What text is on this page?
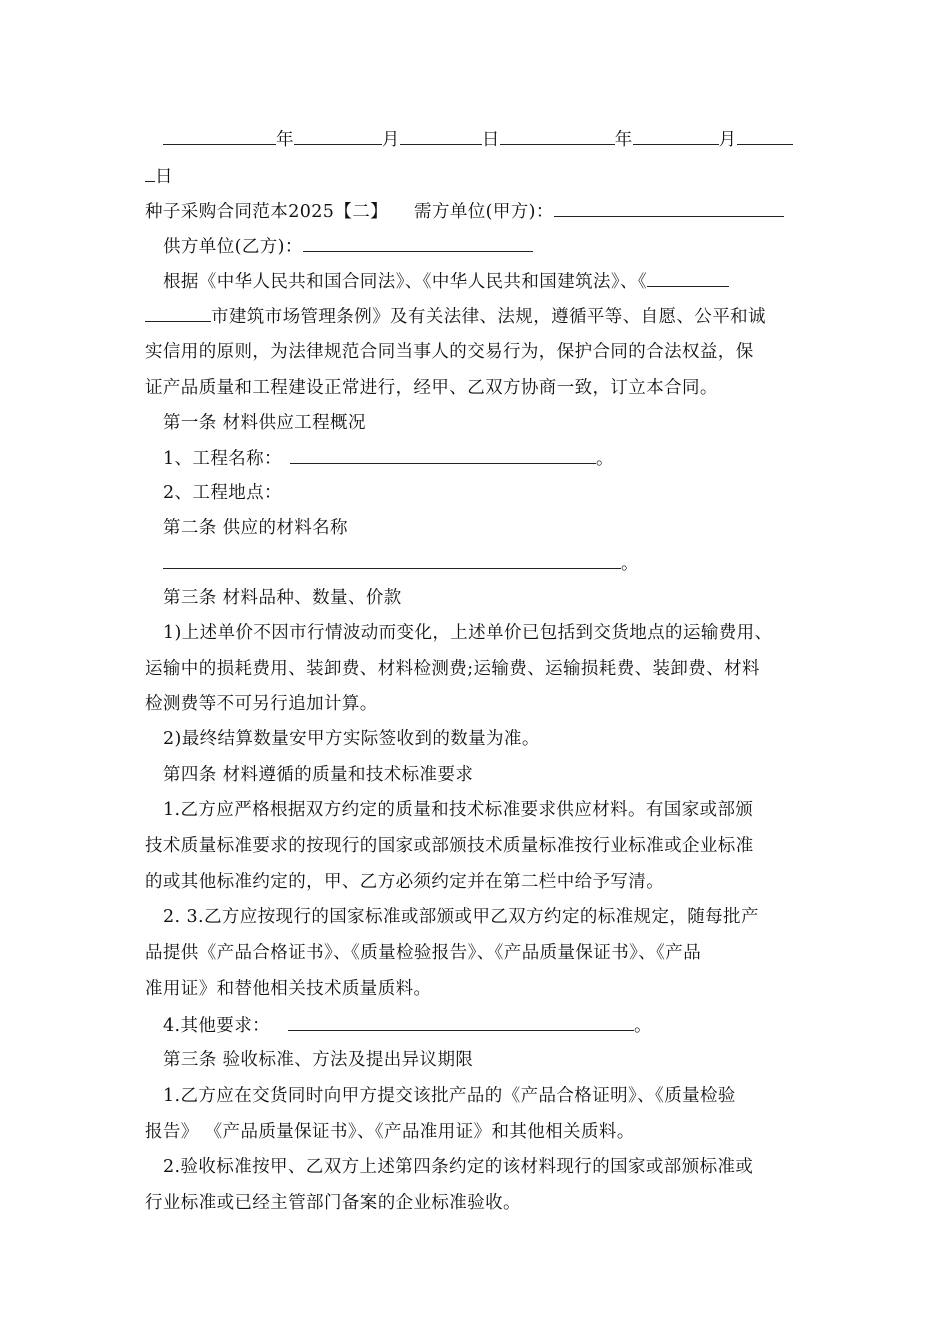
年	月	日	年	月
日
种子采购合同范本2025【二】 需方单位(甲方)：
供方单位(乙方)：
根据《中华人民共和国合同法》、《中华人民共和国建筑法》、《
市建筑市场管理条例》及有关法律、法规，遵循平等、自愿、公平和诚
实信用的原则，为法律规范合同当事人的交易行为，保护合同的合法权益，保
证产品质量和工程建设正常进行，经甲、乙双方协商一致，订立本合同。
第一条 材料供应工程概况
1、工程名称：	。
2、工程地点：
第二条 供应的材料名称
。
第三条 材料品种、数量、价款
1)上述单价不因市行情波动而变化，上述单价已包括到交货地点的运输费用、
运输中的损耗费用、装卸费、材料检测费;运输费、运输损耗费、装卸费、材料
检测费等不可另行追加计算。
2)最终结算数量安甲方实际签收到的数量为准。
第四条 材料遵循的质量和技术标准要求
1.乙方应严格根据双方约定的质量和技术标准要求供应材料。有国家或部颁
技术质量标准要求的按现行的国家或部颁技术质量标准按行业标准或企业标准
的或其他标准约定的，甲、乙方必须约定并在第二栏中给予写清。
2. 3.乙方应按现行的国家标准或部颁或甲乙双方约定的标准规定，随每批产
品提供《产品合格证书》、《质量检验报告》、《产品质量保证书》、《产品
准用证》和替他相关技术质量质料。
4.其他要求：	。
第三条 验收标准、方法及提出异议期限
1.乙方应在交货同时向甲方提交该批产品的《产品合格证明》、《质量检验
报告》 《产品质量保证书》、《产品准用证》和其他相关质料。
2.验收标准按甲、乙双方上述第四条约定的该材料现行的国家或部颁标准或
行业标准或已经主管部门备案的企业标准验收。
